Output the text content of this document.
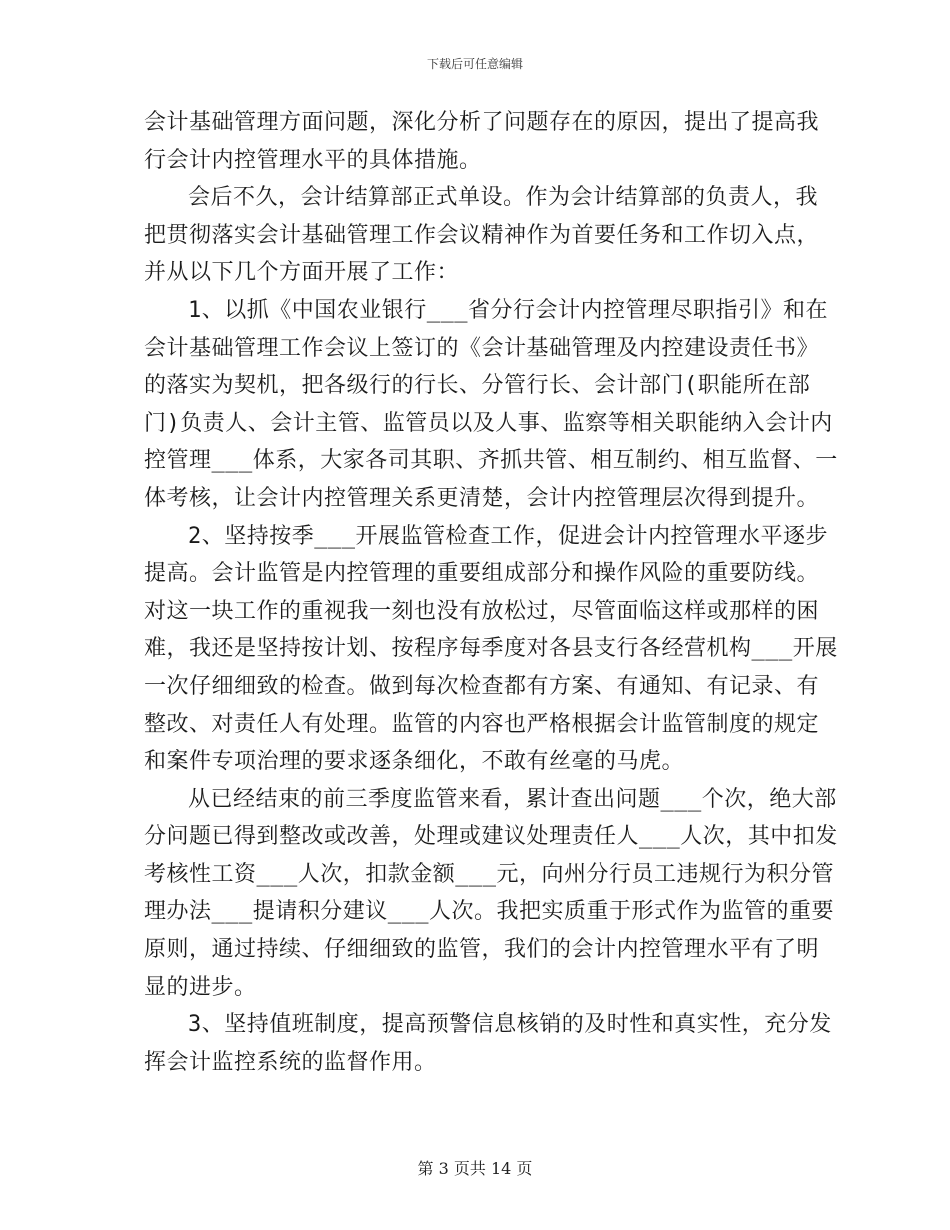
下载后可任意编辑

会计基础管理方面问题，深化分析了问题存在的原因，提出了提高我
行会计内控管理水平的具体措施。

会后不久，会计结算部正式单设。作为会计结算部的负责人，我
把贯彻落实会计基础管理工作会议精神作为首要任务和工作切入点，
并从以下几个方面开展了工作：

1、以抓《中国农业银行___省分行会计内控管理尽职指引》和在
会计基础管理工作会议上签订的《会计基础管理及内控建设责任书》
的落实为契机，把各级行的行长、分管行长、会计部门(职能所在部
门)负责人、会计主管、监管员以及人事、监察等相关职能纳入会计内
控管理___体系，大家各司其职、齐抓共管、相互制约、相互监督、一
体考核，让会计内控管理关系更清楚，会计内控管理层次得到提升。

2、坚持按季___开展监管检查工作，促进会计内控管理水平逐步
提高。会计监管是内控管理的重要组成部分和操作风险的重要防线。
对这一块工作的重视我一刻也没有放松过，尽管面临这样或那样的困
难，我还是坚持按计划、按程序每季度对各县支行各经营机构___开展
一次仔细细致的检查。做到每次检查都有方案、有通知、有记录、有
整改、对责任人有处理。监管的内容也严格根据会计监管制度的规定
和案件专项治理的要求逐条细化，不敢有丝毫的马虎。

从已经结束的前三季度监管来看，累计查出问题___个次，绝大部
分问题已得到整改或改善，处理或建议处理责任人___人次，其中扣发
考核性工资___人次，扣款金额___元，向州分行员工违规行为积分管
理办法___提请积分建议___人次。我把实质重于形式作为监管的重要
原则，通过持续、仔细细致的监管，我们的会计内控管理水平有了明
显的进步。

3、坚持值班制度，提高预警信息核销的及时性和真实性，充分发
挥会计监控系统的监督作用。

第 3 页共 14 页
